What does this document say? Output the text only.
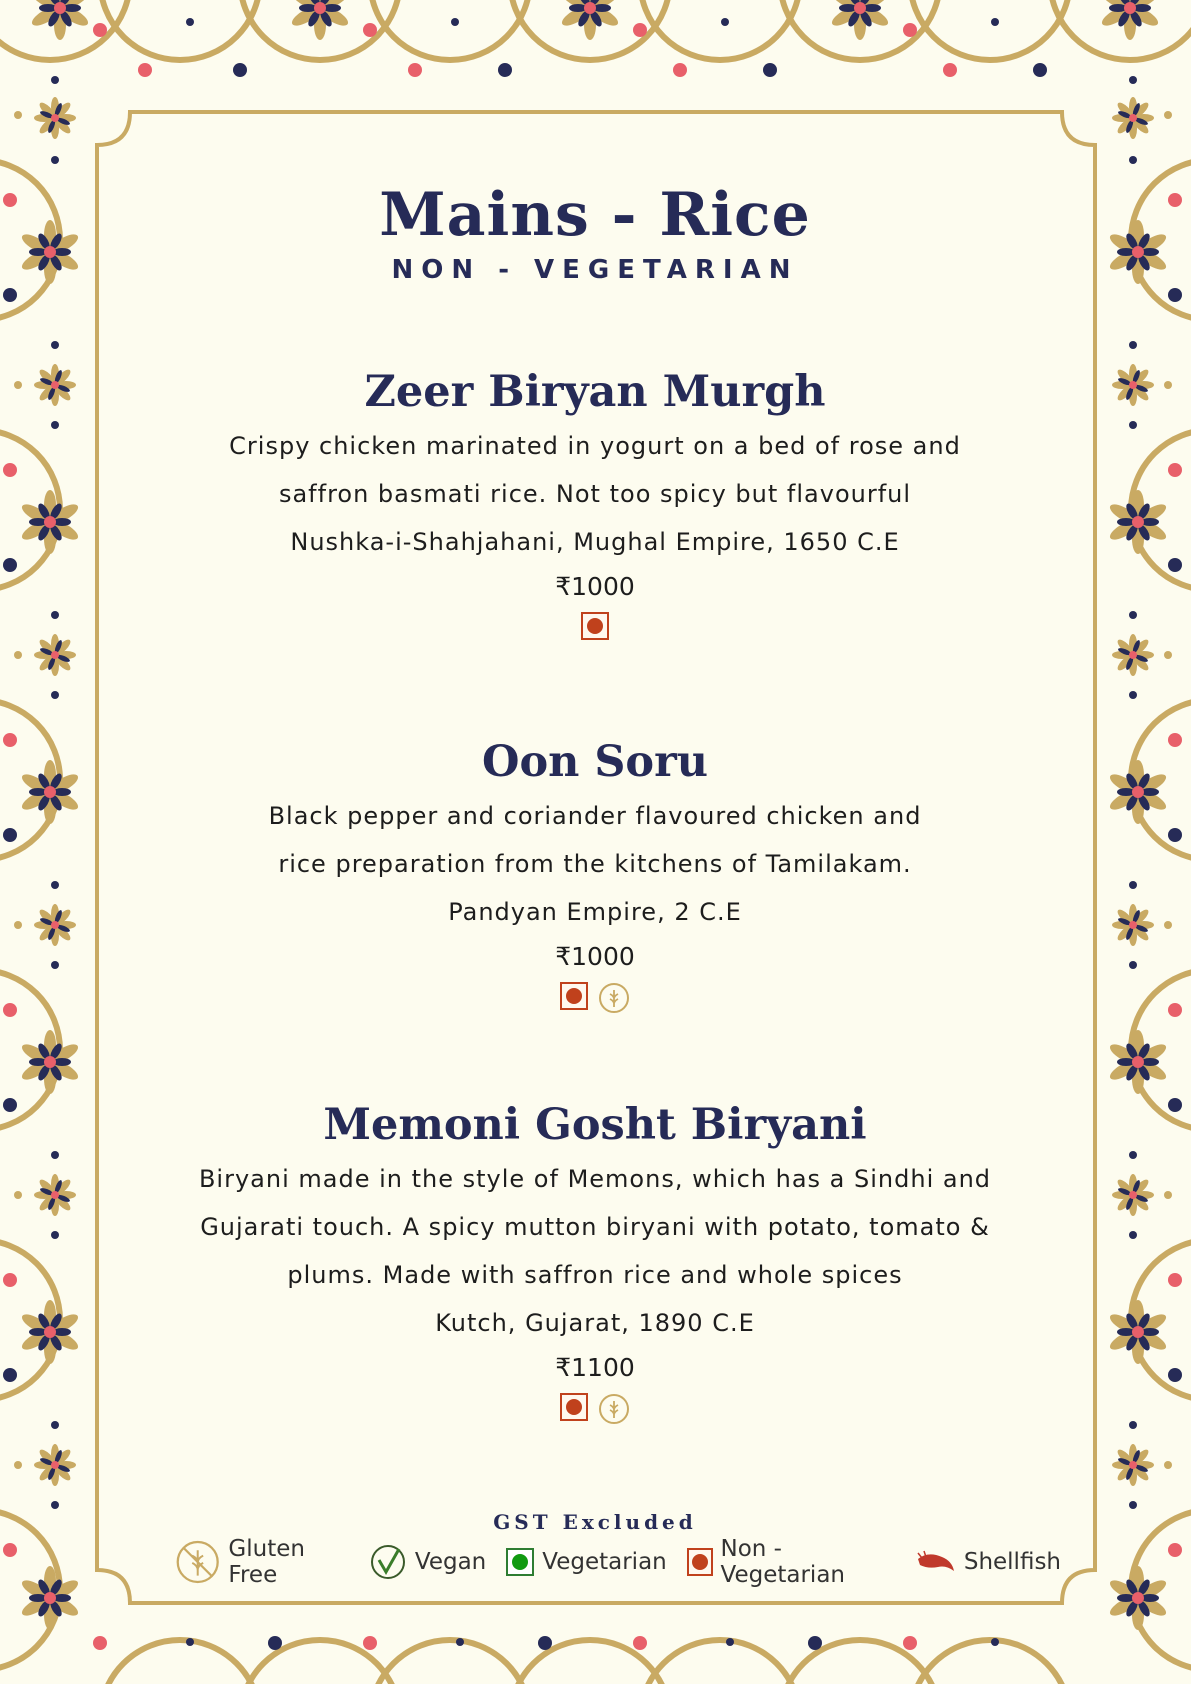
Mains - Rice
NON - VEGETARIAN

Zeer Biryan Murgh

Crispy chicken marinated in yogurt on a bed of rose and

saffron basmati rice. Not too spicy but flavourful

Nushka-i-Shahjahani, Mughal Empire, 1650 C.E

₹1000

Oon Soru

Black pepper and coriander flavoured chicken and

rice preparation from the kitchens of Tamilakam.

Pandyan Empire, 2 C.E

₹1000

Memoni Gosht Biryani

Biryani made in the style of Memons, which has a Sindhi and

Gujarati touch. A spicy mutton biryani with potato, tomato &

plums. Made with saffron rice and whole spices

Kutch, Gujarat, 1890 C.E

₹1100

GST Excluded
Gluten Free	Vegan Vegetarian Non - Vegetarian	Shellfish
